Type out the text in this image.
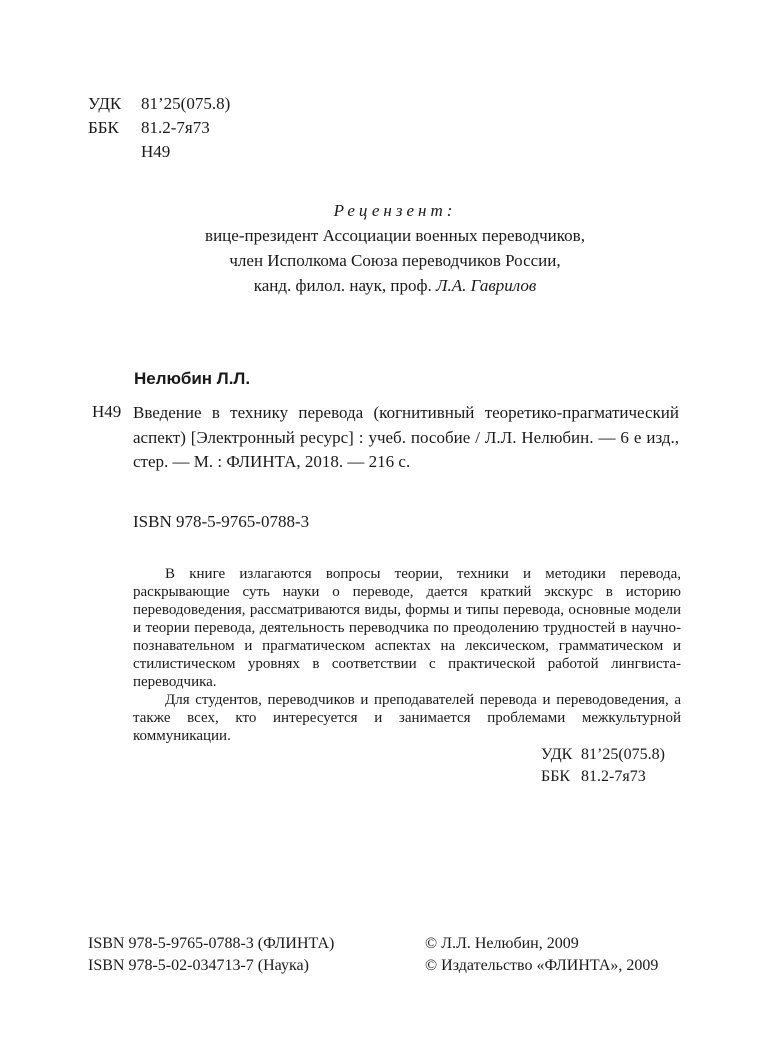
УДК 81’25(075.8)
ББК 81.2-7я73
Н49
Рецензент:
вице-президент Ассоциации военных переводчиков,
член Исполкома Союза переводчиков России,
канд. филол. наук, проф. Л.А. Гаврилов
Нелюбин Л.Л.
Н49 Введение в технику перевода (когнитивный теоретико-прагматический аспект) [Электронный ресурс] : учеб. пособие / Л.Л. Нелюбин. — 6 е изд., стер. — М. : ФЛИНТА, 2018. — 216 с.
ISBN 978-5-9765-0788-3

В книге излагаются вопросы теории, техники и методики перевода, раскрывающие суть науки о переводе, дается краткий экскурс в историю переводоведения, рассматриваются виды, формы и типы перевода, основные модели и теории перевода, деятельность переводчика по преодолению трудностей в научно-познавательном и прагматическом аспектах на лексическом, грамматическом и стилистическом уровнях в соответствии с практической работой лингвиста-переводчика.

Для студентов, переводчиков и преподавателей перевода и переводоведения, а также всех, кто интересуется и занимается проблемами межкультурной коммуникации.

УДК 81’25(075.8)
ББК 81.2-7я73
ISBN 978-5-9765-0788-3 (ФЛИНТА)
ISBN 978-5-02-034713-7 (Наука)
© Л.Л. Нелюбин, 2009
© Издательство «ФЛИНТА», 2009
